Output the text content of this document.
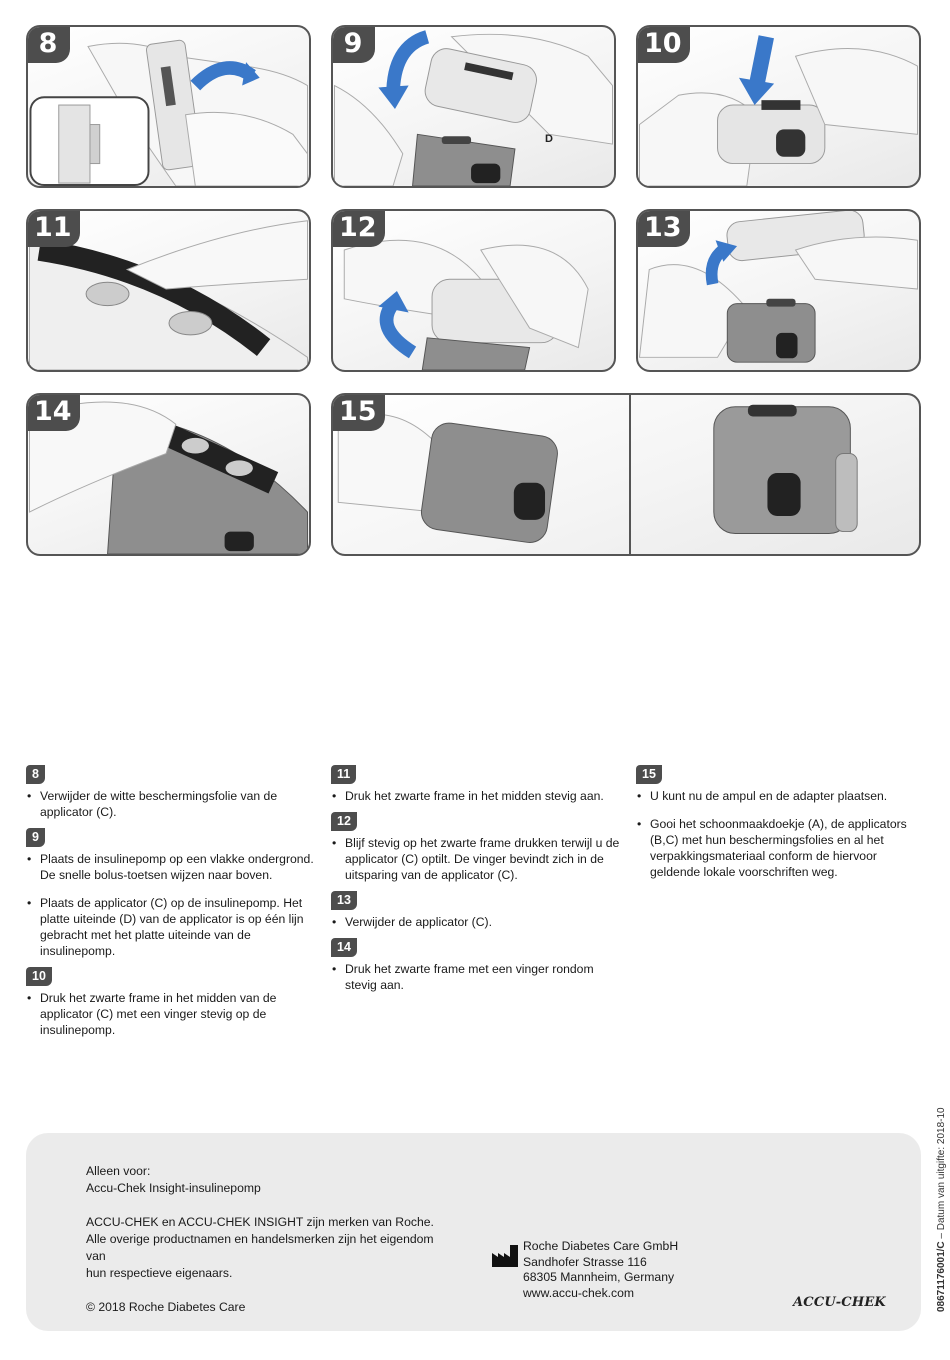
8	9
D
10
11	12	13
14	15
8
• Verwijder de witte beschermingsfolie van de applicator (C).
9
• Plaats de insulinepomp op een vlakke ondergrond. De snelle bolus-toetsen wijzen naar boven.
• Plaats de applicator (C) op de insulinepomp. Het platte uiteinde (D) van de applicator is op één lijn gebracht met het platte uiteinde van de insulinepomp.
10
• Druk het zwarte frame in het midden van de applicator (C) met een vinger stevig op de insulinepomp.
11
• Druk het zwarte frame in het midden stevig aan.
12
• Blijf stevig op het zwarte frame drukken terwijl u de applicator (C) optilt. De vinger bevindt zich in de uitsparing van de applicator (C).
13
• Verwijder de applicator (C).
14
• Druk het zwarte frame met een vinger rondom stevig aan.
15
• U kunt nu de ampul en de adapter plaatsen.
• Gooi het schoonmaakdoekje (A), de applicators (B,C) met hun beschermingsfolies en al het verpakkingsmateriaal conform de hiervoor geldende lokale voorschriften weg.

Alleen voor:
Accu-Chek Insight-insulinepomp

ACCU-CHEK en ACCU-CHEK INSIGHT zijn merken van Roche.
Alle overige productnamen en handelsmerken zijn het eigendom van
hun respectieve eigenaars.

© 2018 Roche Diabetes Care

Roche Diabetes Care GmbH
Sandhofer Strasse 116
68305 Mannheim, Germany
www.accu-chek.com
ACCU-CHEK	08671176001/C – Datum van uitgifte: 2018-10
